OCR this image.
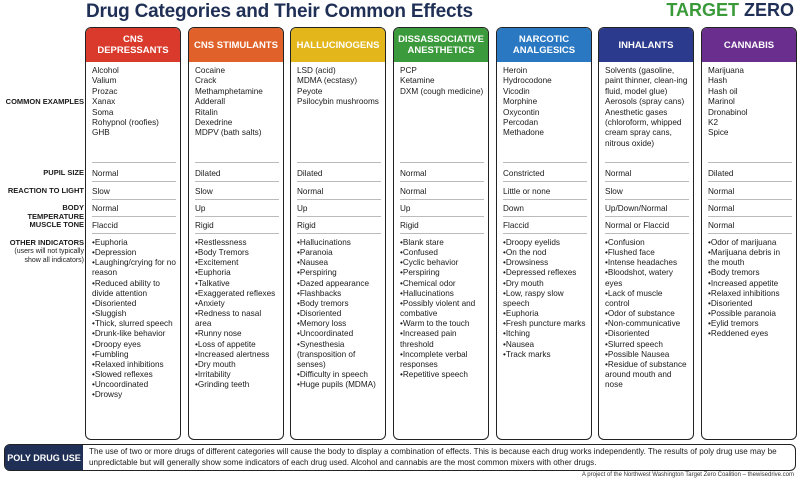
Drug Categories and Their Common Effects	TARGET ZERO
COMMON EXAMPLES
PUPIL SIZE
REACTION TO LIGHT
BODY TEMPERATURE
MUSCLE TONE
OTHER INDICATORS
(users will not typically show all indicators)
CNS DEPRESSANTS
Alcohol
Valium
Prozac
Xanax
Soma
Rohypnol (roofies)
GHB
Normal
Slow
Normal
Flaccid
•Euphoria
•Depression
•Laughing/crying for no reason
•Reduced ability to divide attention
•Disoriented
•Sluggish
•Thick, slurred speech
•Drunk-like behavior
•Droopy eyes
•Fumbling
•Relaxed inhibitions
•Slowed reflexes
•Uncoordinated
•Drowsy
CNS STIMULANTS
Cocaine
Crack
Methamphetamine
Adderall
Ritalin
Dexedrine
MDPV (bath salts)
Dilated
Slow
Up
Rigid
•Restlessness
•Body Tremors
•Excitement
•Euphoria
•Talkative
•Exaggerated reflexes
•Anxiety
•Redness to nasal area
•Runny nose
•Loss of appetite
•Increased alertness
•Dry mouth
•Irritability
•Grinding teeth
HALLUCINOGENS
LSD (acid)
MDMA (ecstasy)
Peyote
Psilocybin mushrooms
Dilated
Normal
Up
Rigid
•Hallucinations
•Paranoia
•Nausea
•Perspiring
•Dazed appearance
•Flashbacks
•Body tremors
•Disoriented
•Memory loss
•Uncoordinated
•Synesthesia (transposition of senses)
•Difficulty in speech
•Huge pupils (MDMA)
DISSASSOCIATIVE ANESTHETICS
PCP
Ketamine
DXM (cough medicine)
Normal
Normal
Up
Rigid
•Blank stare
•Confused
•Cyclic behavior
•Perspiring
•Chemical odor
•Hallucinations
•Possibly violent and combative
•Warm to the touch
•Increased pain threshold
•Incomplete verbal responses
•Repetitive speech
NARCOTIC ANALGESICS
Heroin
Hydrocodone
Vicodin
Morphine
Oxycontin
Percodan
Methadone
Constricted
Little or none
Down
Flaccid
•Droopy eyelids
•On the nod
•Drowsiness
•Depressed reflexes
•Dry mouth
•Low, raspy slow speech
•Euphoria
•Fresh puncture marks
•Itching
•Nausea
•Track marks
INHALANTS
Solvents (gasoline, paint thinner, clean-ing fluid, model glue)
Aerosols (spray cans)
Anesthetic gases (chloroform, whipped cream spray cans, nitrous oxide)
Normal
Slow
Up/Down/Normal
Normal or Flaccid
•Confusion
•Flushed face
•Intense headaches
•Bloodshot, watery eyes
•Lack of muscle control
•Odor of substance
•Non-communicative
•Disoriented
•Slurred speech
•Possible Nausea
•Residue of substance around mouth and nose
CANNABIS
Marijuana
Hash
Hash oil
Marinol
Dronabinol
K2
Spice
Dilated
Normal
Normal
Normal
•Odor of marijuana
•Marijuana debris in the mouth
•Body tremors
•Increased appetite
•Relaxed inhibitions
•Disoriented
•Possible paranoia
•Eylid tremors
•Reddened eyes
POLY DRUG USE
The use of two or more drugs of different categories will cause the body to display a combination of effects. This is because each drug works independently. The results of poly drug use may be unpredictable but will generally show some indicators of each drug used. Alcohol and cannabis are the most common mixers with other drugs.
A project of the Northwest Washington Target Zero Coalition – thewisedrive.com
